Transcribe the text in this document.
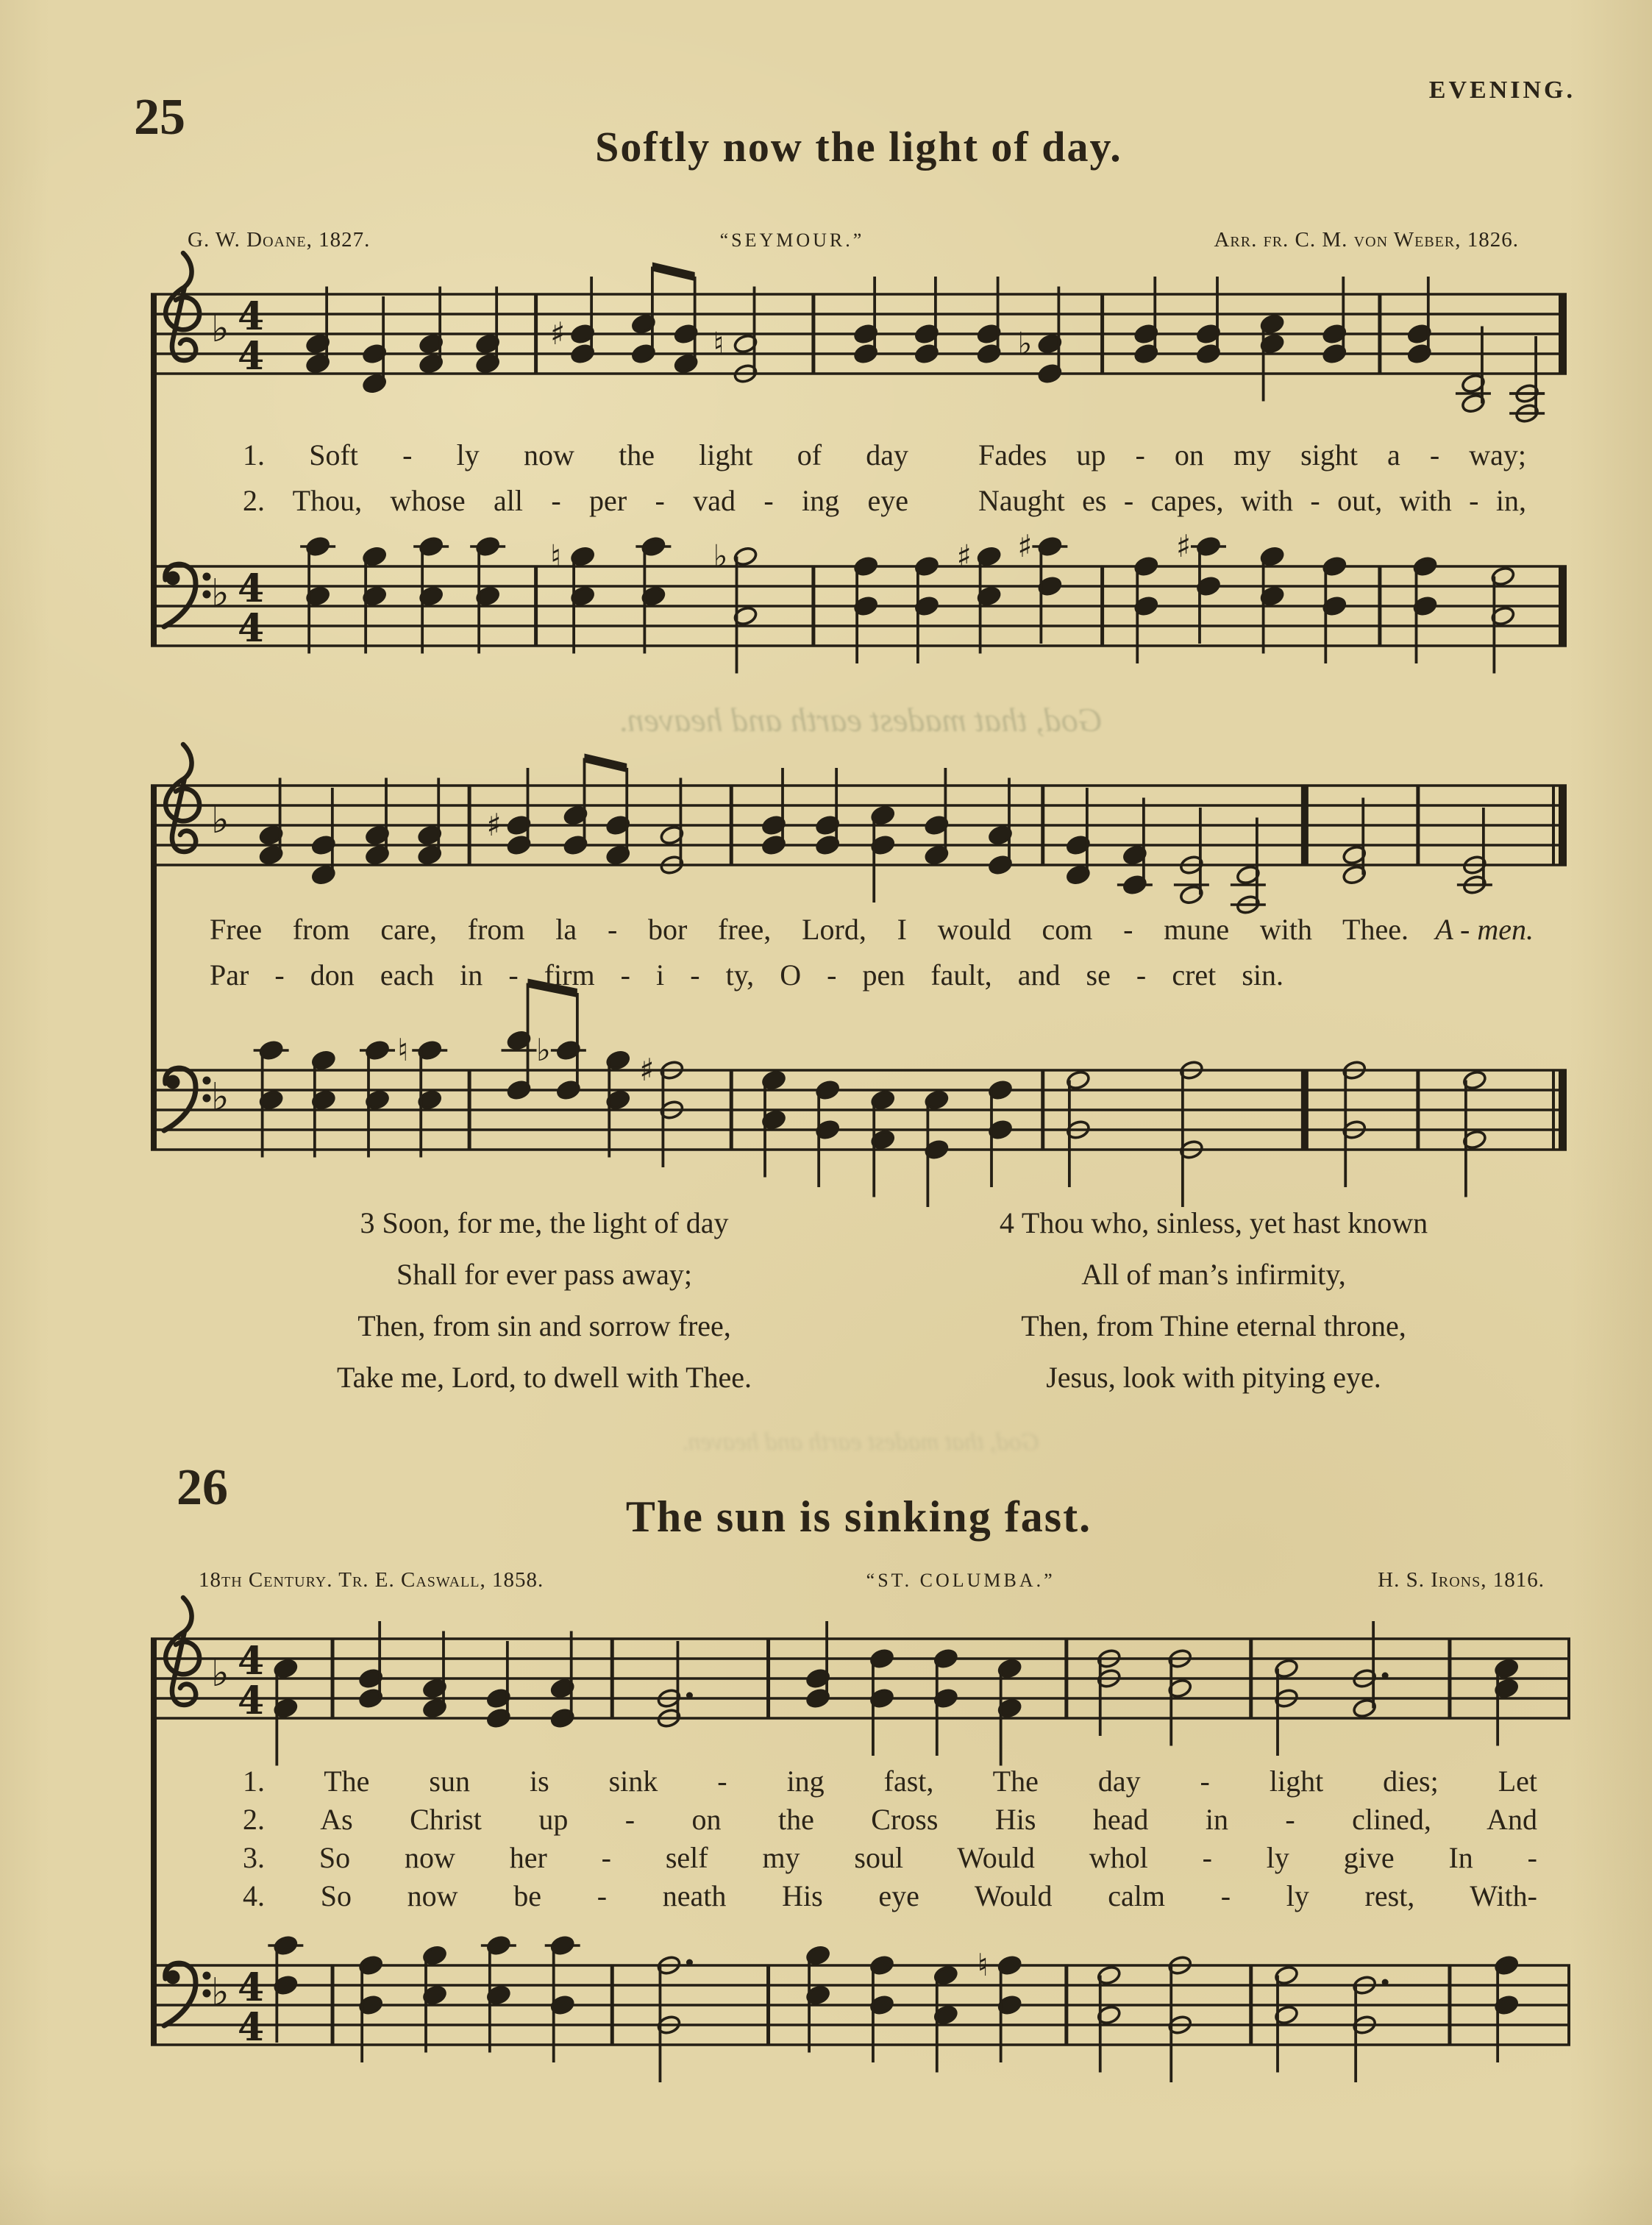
EVENING.
God, that madest earth and heaven.
God, that madest earth and heaven.
25
Softly now the light of day.
G. W. Doane, 1827.	“SEYMOUR.”	Arr. fr. C. M. von Weber, 1826.
♭ 4
4
♯	♮	♭
♭ 4
4
♮	♭	♯ ♯	♯
♭	♯
♭
♮	♭
♯
♭ 4
4
♭ 4
4
♮
1. Soft - ly now the light of day Fades up - on my sight a - way;
2. Thou, whose all - per - vad - ing eye Naught es - capes, with - out, with - in,
Free from care, from la - bor free, Lord, I would com - mune with Thee. A - men.
Par - don each in - firm - i - ty, O - pen fault, and se - cret sin.
3 Soon, for me, the light of day
Shall for ever pass away;
Then, from sin and sorrow free,
Take me, Lord, to dwell with Thee.
4 Thou who, sinless, yet hast known
All of man’s infirmity,
Then, from Thine eternal throne,
Jesus, look with pitying eye.
26
The sun is sinking fast.
18th Century. Tr. E. Caswall, 1858.	“ST. COLUMBA.”	H. S. Irons, 1816.
1. The sun is sink - ing fast, The day - light dies; Let
2. As Christ up - on the Cross His head in - clined, And
3. So now her - self my soul Would whol - ly give In -
4. So now be - neath His eye Would calm - ly rest, With-
